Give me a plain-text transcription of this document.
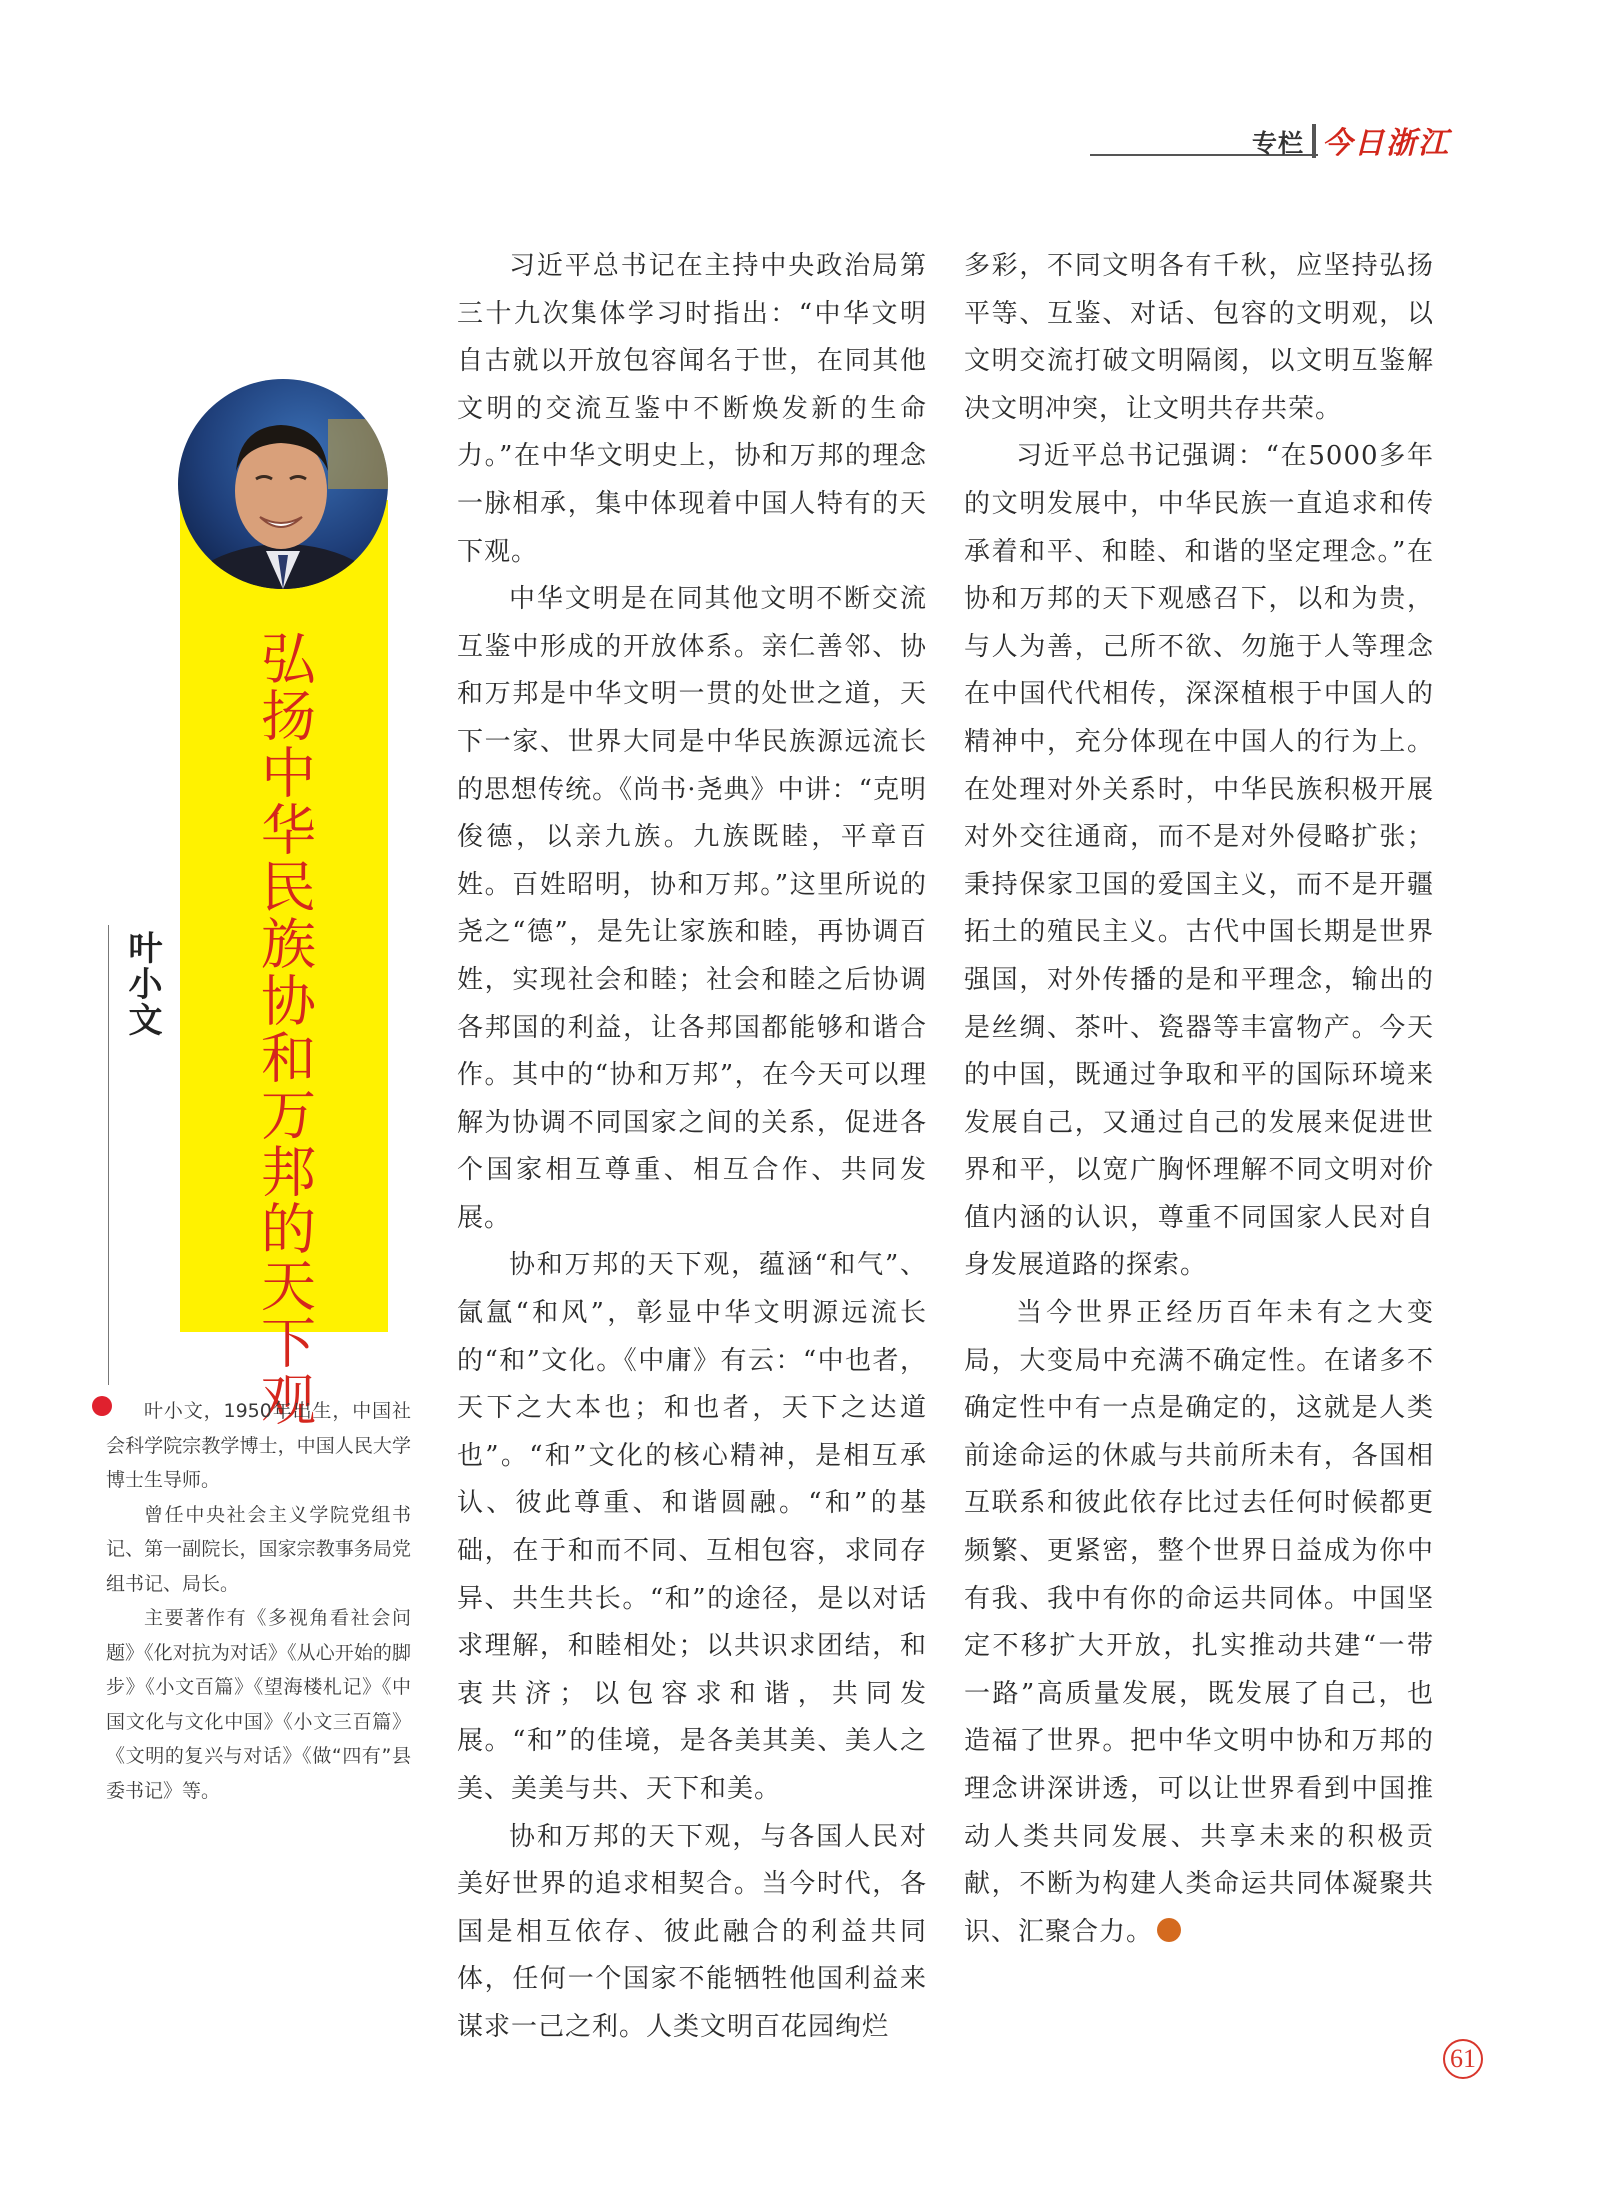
专栏 今日浙江
弘扬中华民族协和万邦的天下观
叶小文

叶小文，1950年出生，中国社会科学院宗教学博士，中国人民大学博士生导师。

曾任中央社会主义学院党组书记、第一副院长，国家宗教事务局党组书记、局长。

主要著作有《多视角看社会问题》《化对抗为对话》《从心开始的脚步》《小文百篇》《望海楼札记》《中国文化与文化中国》《小文三百篇》《文明的复兴与对话》《做“四有”县委书记》等。

习近平总书记在主持中央政治局第三十九次集体学习时指出：“中华文明自古就以开放包容闻名于世，在同其他文明的交流互鉴中不断焕发新的生命力。”在中华文明史上，协和万邦的理念一脉相承，集中体现着中国人特有的天下观。

中华文明是在同其他文明不断交流互鉴中形成的开放体系。亲仁善邻、协和万邦是中华文明一贯的处世之道，天下一家、世界大同是中华民族源远流长的思想传统。《尚书·尧典》中讲：“克明俊德，以亲九族。九族既睦，平章百姓。百姓昭明，协和万邦。”这里所说的尧之“德”，是先让家族和睦，再协调百姓，实现社会和睦；社会和睦之后协调各邦国的利益，让各邦国都能够和谐合作。其中的“协和万邦”，在今天可以理解为协调不同国家之间的关系，促进各个国家相互尊重、相互合作、共同发展。

协和万邦的天下观，蕴涵“和气”、氤氲“和风”，彰显中华文明源远流长的“和”文化。《中庸》有云：“中也者，天下之大本也；和也者，天下之达道也”。“和”文化的核心精神，是相互承认、彼此尊重、和谐圆融。“和”的基础，在于和而不同、互相包容，求同存异、共生共长。“和”的途径，是以对话求理解，和睦相处；以共识求团结，和衷共济；以包容求和谐，共同发展。“和”的佳境，是各美其美、美人之美、美美与共、天下和美。

协和万邦的天下观，与各国人民对美好世界的追求相契合。当今时代，各国是相互依存、彼此融合的利益共同体，任何一个国家不能牺牲他国利益来谋求一己之利。人类文明百花园绚烂

多彩，不同文明各有千秋，应坚持弘扬平等、互鉴、对话、包容的文明观，以文明交流打破文明隔阂，以文明互鉴解决文明冲突，让文明共存共荣。

习近平总书记强调：“在5000多年的文明发展中，中华民族一直追求和传承着和平、和睦、和谐的坚定理念。”在协和万邦的天下观感召下，以和为贵，与人为善，己所不欲、勿施于人等理念在中国代代相传，深深植根于中国人的精神中，充分体现在中国人的行为上。在处理对外关系时，中华民族积极开展对外交往通商，而不是对外侵略扩张；秉持保家卫国的爱国主义，而不是开疆拓土的殖民主义。古代中国长期是世界强国，对外传播的是和平理念，输出的是丝绸、茶叶、瓷器等丰富物产。今天的中国，既通过争取和平的国际环境来发展自己，又通过自己的发展来促进世界和平，以宽广胸怀理解不同文明对价值内涵的认识，尊重不同国家人民对自身发展道路的探索。

当今世界正经历百年未有之大变局，大变局中充满不确定性。在诸多不确定性中有一点是确定的，这就是人类前途命运的休戚与共前所未有，各国相互联系和彼此依存比过去任何时候都更频繁、更紧密，整个世界日益成为你中有我、我中有你的命运共同体。中国坚定不移扩大开放，扎实推动共建“一带一路”高质量发展，既发展了自己，也造福了世界。把中华文明中协和万邦的理念讲深讲透，可以让世界看到中国推动人类共同发展、共享未来的积极贡献，不断为构建人类命运共同体凝聚共识、汇聚合力。

61
